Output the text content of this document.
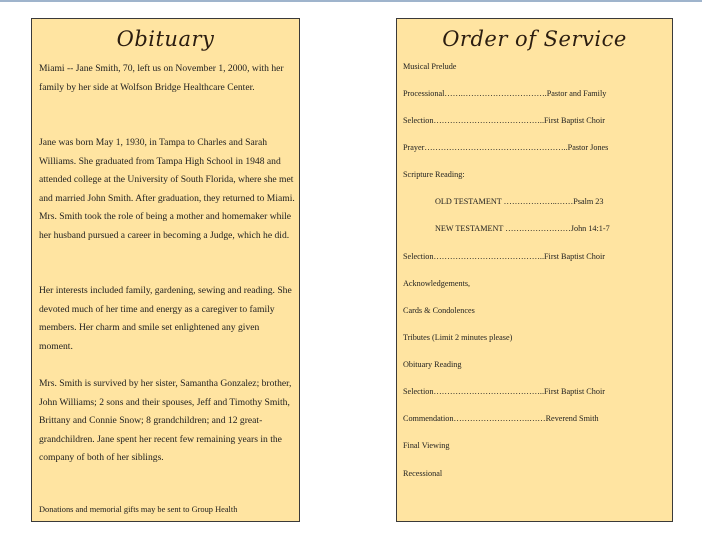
Obituary

Miami -- Jane Smith, 70, left us on November 1, 2000, with her family by her side at Wolfson Bridge Healthcare Center.

Jane was born May 1, 1930, in Tampa to Charles and Sarah Williams. She graduated from Tampa High School in 1948 and attended college at the University of South Florida, where she met and married John Smith. After graduation, they returned to Miami. Mrs. Smith took the role of being a mother and homemaker while her husband pursued a career in becoming a Judge, which he did.

Her interests included family, gardening, sewing and reading. She devoted much of her time and energy as a caregiver to family members. Her charm and smile set enlightened any given moment.

Mrs. Smith is survived by her sister, Samantha Gonzalez; brother, John Williams; 2 sons and their spouses, Jeff and Timothy Smith, Brittany and Connie Snow; 8 grandchildren; and 12 great-grandchildren. Jane spent her recent few remaining years in the company of both of her siblings.

Donations and memorial gifts may be sent to Group Health
Order of Service
Musical Prelude
Processional…….………………………….Pastor and Family
Selection…………………………………..First Baptist Choir
Prayer……………………………………………..Pastor Jones
Scripture Reading:
OLD TESTAMENT ………………..……Psalm 23
NEW TESTAMENT ……………………John 14:1-7
Selection…………………………………..First Baptist Choir
Acknowledgements,
Cards & Condolences
Tributes (Limit 2 minutes please)
Obituary Reading
Selection…………………………………..First Baptist Choir
Commendation……………………….……Reverend Smith
Final Viewing
Recessional
